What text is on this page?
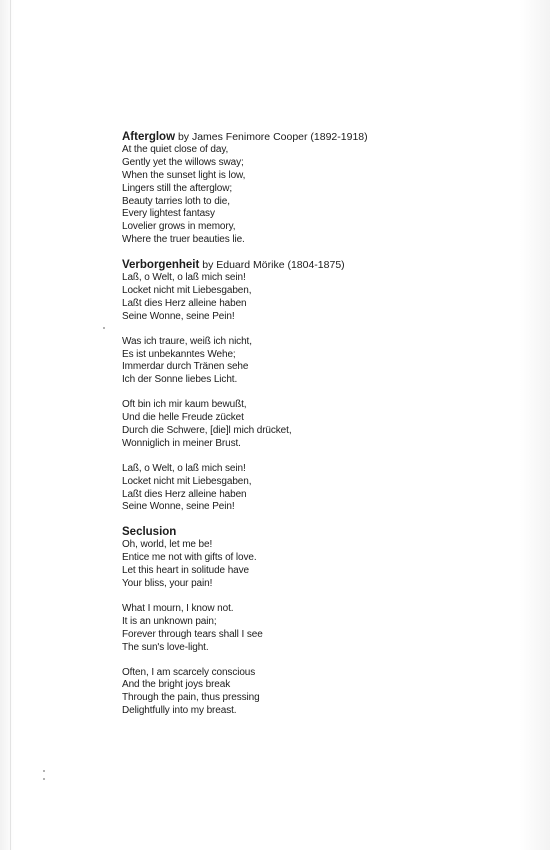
Afterglow by James Fenimore Cooper (1892-1918)
At the quiet close of day,
Gently yet the willows sway;
When the sunset light is low,
Lingers still the afterglow;
Beauty tarries loth to die,
Every lightest fantasy
Lovelier grows in memory,
Where the truer beauties lie.
Verborgenheit by Eduard Mörike (1804-1875)
Laß, o Welt, o laß mich sein!
Locket nicht mit Liebesgaben,
Laßt dies Herz alleine haben
Seine Wonne, seine Pein!
Was ich traure, weiß ich nicht,
Es ist unbekanntes Wehe;
Immerdar durch Tränen sehe
Ich der Sonne liebes Licht.
Oft bin ich mir kaum bewußt,
Und die helle Freude zücket
Durch die Schwere, [die]l mich drücket,
Wonniglich in meiner Brust.
Laß, o Welt, o laß mich sein!
Locket nicht mit Liebesgaben,
Laßt dies Herz alleine haben
Seine Wonne, seine Pein!
Seclusion
Oh, world, let me be!
Entice me not with gifts of love.
Let this heart in solitude have
Your bliss, your pain!
What I mourn, I know not.
It is an unknown pain;
Forever through tears shall I see
The sun's love-light.
Often, I am scarcely conscious
And the bright joys break
Through the pain, thus pressing
Delightfully into my breast.
